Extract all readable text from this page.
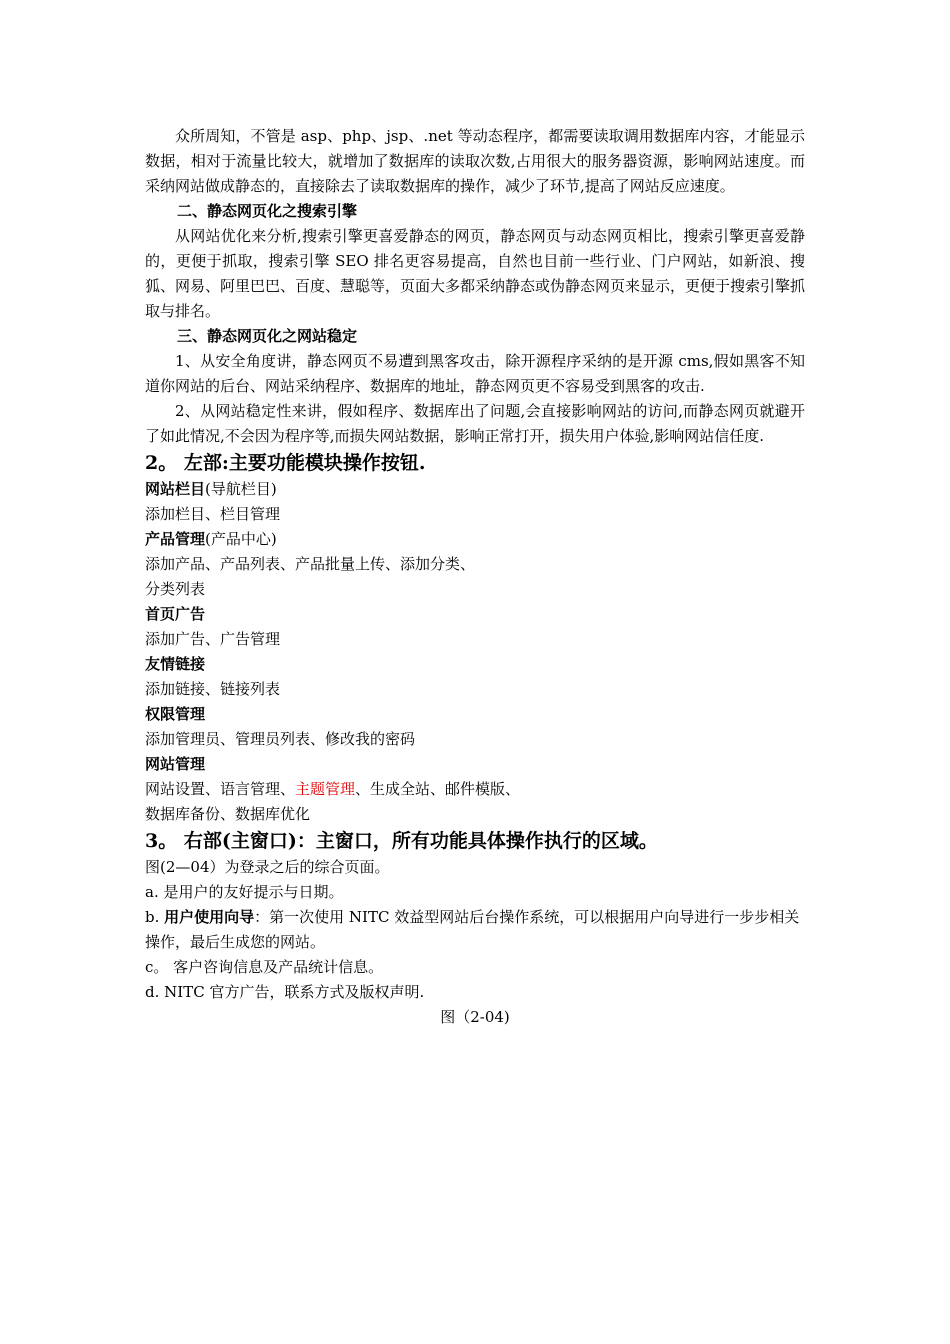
众所周知，不管是 asp、php、jsp、.net 等动态程序，都需要读取调用数据库内容，才能显示数据，相对于流量比较大，就增加了数据库的读取次数,占用很大的服务器资源，影响网站速度。而采纳网站做成静态的，直接除去了读取数据库的操作，减少了环节,提高了网站反应速度。

二、静态网页化之搜索引擎

从网站优化来分析,搜索引擎更喜爱静态的网页，静态网页与动态网页相比，搜索引擎更喜爱静的，更便于抓取，搜索引擎 SEO 排名更容易提高，自然也目前一些行业、门户网站，如新浪、搜狐、网易、阿里巴巴、百度、慧聪等，页面大多都采纳静态或伪静态网页来显示，更便于搜索引擎抓取与排名。

三、静态网页化之网站稳定

1、从安全角度讲，静态网页不易遭到黑客攻击，除开源程序采纳的是开源 cms,假如黑客不知道你网站的后台、网站采纳程序、数据库的地址，静态网页更不容易受到黑客的攻击.

2、从网站稳定性来讲，假如程序、数据库出了问题,会直接影响网站的访问,而静态网页就避开了如此情况,不会因为程序等,而损失网站数据，影响正常打开，损失用户体验,影响网站信任度.

2。 左部:主要功能模块操作按钮.

网站栏目(导航栏目)

添加栏目、栏目管理

产品管理(产品中心)

添加产品、产品列表、产品批量上传、添加分类、

分类列表

首页广告

添加广告、广告管理

友情链接

添加链接、链接列表

权限管理

添加管理员、管理员列表、修改我的密码

网站管理

网站设置、语言管理、主题管理、生成全站、邮件模版、

数据库备份、数据库优化

3。 右部(主窗口)：主窗口，所有功能具体操作执行的区域。

图(2—04）为登录之后的综合页面。

a. 是用户的友好提示与日期。

b. 用户使用向导：第一次使用 NITC 效益型网站后台操作系统，可以根据用户向导进行一步步相关操作，最后生成您的网站。

c。 客户咨询信息及产品统计信息。

d. NITC 官方广告，联系方式及版权声明.

图（2-04)
